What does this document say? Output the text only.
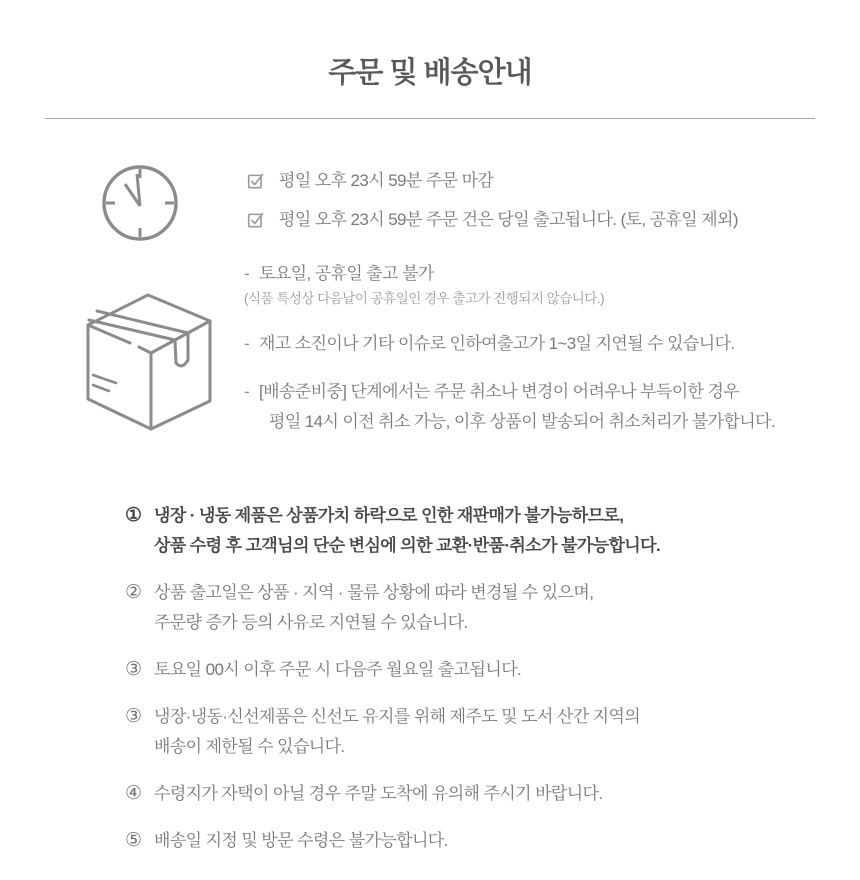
주문 및 배송안내
평일 오후 23시 59분 주문 마감
평일 오후 23시 59분 주문 건은 당일 출고됩니다. (토, 공휴일 제외)
- 토요일, 공휴일 출고 불가
(식품 특성상 다음날이 공휴일인 경우 출고가 진행되지 않습니다.)
- 재고 소진이나 기타 이슈로 인하여출고가 1~3일 지연될 수 있습니다.
- [배송준비중] 단계에서는 주문 취소나 변경이 어려우나 부득이한 경우
평일 14시 이전 취소 가능, 이후 상품이 발송되어 취소처리가 불가합니다.
① 냉장 · 냉동 제품은 상품가치 하락으로 인한 재판매가 불가능하므로,
상품 수령 후 고객님의 단순 변심에 의한 교환·반품·취소가 불가능합니다.
② 상품 출고일은 상품 · 지역 · 물류 상황에 따라 변경될 수 있으며,
주문량 증가 등의 사유로 지연될 수 있습니다.
③ 토요일 00시 이후 주문 시 다음주 월요일 출고됩니다.
③ 냉장·냉동·신선제품은 신선도 유지를 위해 제주도 및 도서 산간 지역의
배송이 제한될 수 있습니다.
④ 수령지가 자택이 아닐 경우 주말 도착에 유의해 주시기 바랍니다.
⑤ 배송일 지정 및 방문 수령은 불가능합니다.
